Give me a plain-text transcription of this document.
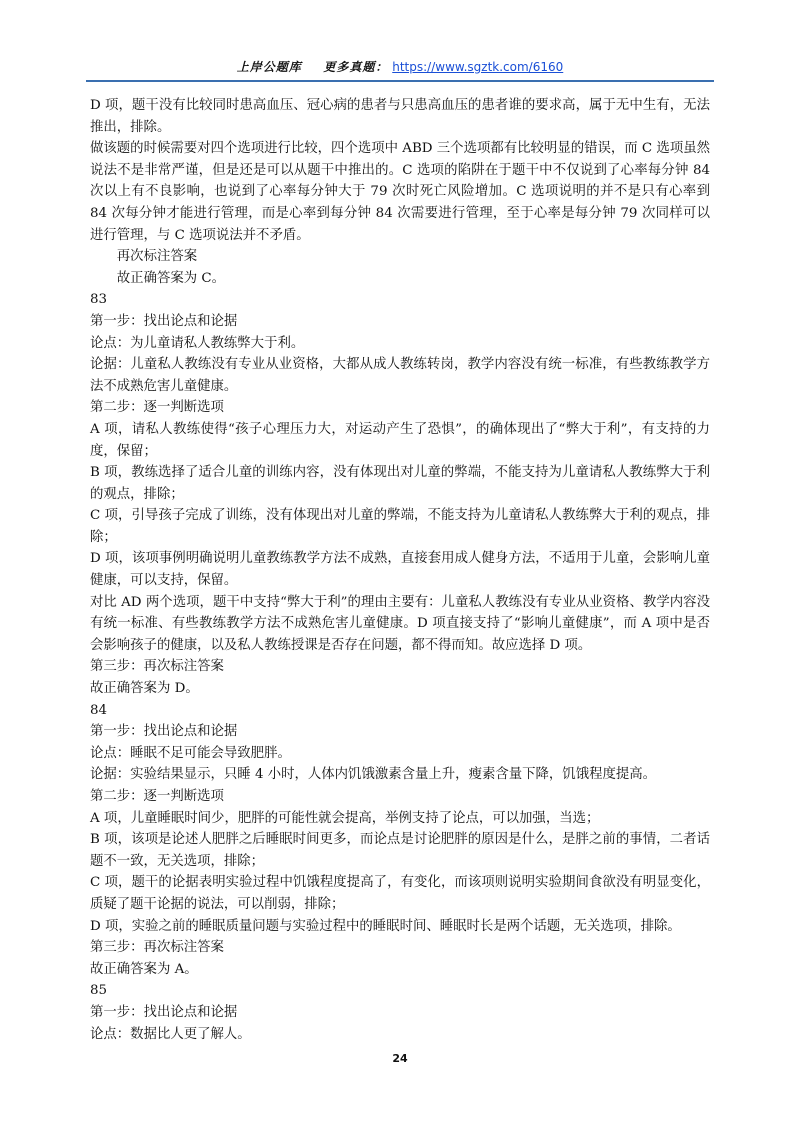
上岸公题库 更多真题： https://www.sgztk.com/6160

D 项，题干没有比较同时患高血压、冠心病的患者与只患高血压的患者谁的要求高，属于无中生有，无法推出，排除。

做该题的时候需要对四个选项进行比较，四个选项中 ABD 三个选项都有比较明显的错误，而 C 选项虽然说法不是非常严谨，但是还是可以从题干中推出的。C 选项的陷阱在于题干中不仅说到了心率每分钟 84 次以上有不良影响，也说到了心率每分钟大于 79 次时死亡风险增加。C 选项说明的并不是只有心率到 84 次每分钟才能进行管理，而是心率到每分钟 84 次需要进行管理，至于心率是每分钟 79 次同样可以进行管理，与 C 选项说法并不矛盾。

再次标注答案

故正确答案为 C。

83

第一步：找出论点和论据

论点：为儿童请私人教练弊大于利。

论据：儿童私人教练没有专业从业资格，大都从成人教练转岗，教学内容没有统一标准，有些教练教学方法不成熟危害儿童健康。

第二步：逐一判断选项

A 项，请私人教练使得“孩子心理压力大，对运动产生了恐惧”，的确体现出了“弊大于利”，有支持的力度，保留；

B 项，教练选择了适合儿童的训练内容，没有体现出对儿童的弊端，不能支持为儿童请私人教练弊大于利的观点，排除；

C 项，引导孩子完成了训练，没有体现出对儿童的弊端，不能支持为儿童请私人教练弊大于利的观点，排除；

D 项，该项事例明确说明儿童教练教学方法不成熟，直接套用成人健身方法，不适用于儿童，会影响儿童健康，可以支持，保留。

对比 AD 两个选项，题干中支持“弊大于利”的理由主要有：儿童私人教练没有专业从业资格、教学内容没有统一标准、有些教练教学方法不成熟危害儿童健康。D 项直接支持了“影响儿童健康”，而 A 项中是否会影响孩子的健康，以及私人教练授课是否存在问题，都不得而知。故应选择 D 项。

第三步：再次标注答案

故正确答案为 D。

84

第一步：找出论点和论据

论点：睡眠不足可能会导致肥胖。

论据：实验结果显示，只睡 4 小时，人体内饥饿激素含量上升，瘦素含量下降，饥饿程度提高。

第二步：逐一判断选项

A 项，儿童睡眠时间少，肥胖的可能性就会提高，举例支持了论点，可以加强，当选；

B 项，该项是论述人肥胖之后睡眠时间更多，而论点是讨论肥胖的原因是什么，是胖之前的事情，二者话题不一致，无关选项，排除；

C 项，题干的论据表明实验过程中饥饿程度提高了，有变化，而该项则说明实验期间食欲没有明显变化，质疑了题干论据的说法，可以削弱，排除；

D 项，实验之前的睡眠质量问题与实验过程中的睡眠时间、睡眠时长是两个话题，无关选项，排除。

第三步：再次标注答案

故正确答案为 A。

85

第一步：找出论点和论据

论点：数据比人更了解人。

24
